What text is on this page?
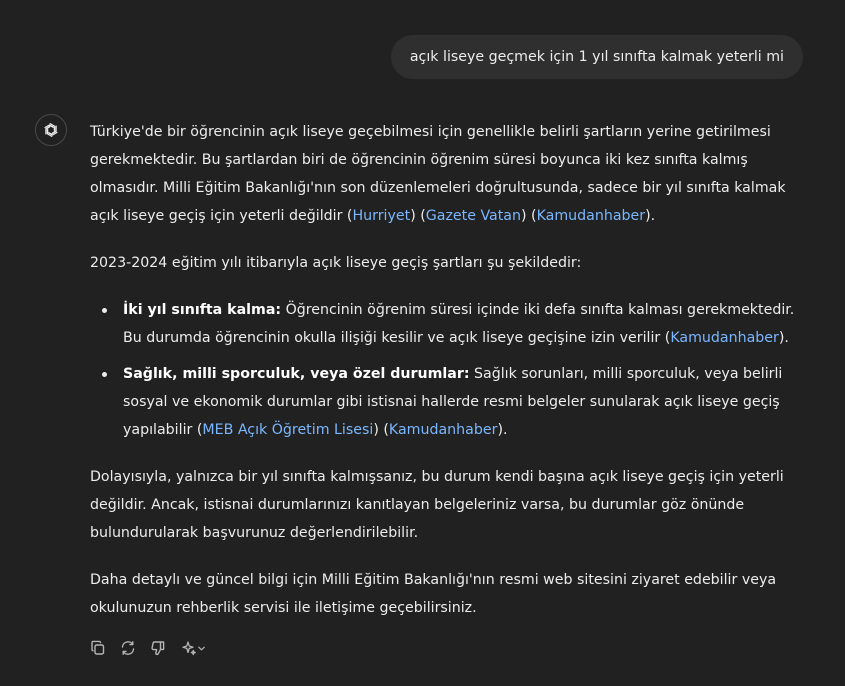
açık liseye geçmek için 1 yıl sınıfta kalmak yeterli mi

Türkiye'de bir öğrencinin açık liseye geçebilmesi için genellikle belirli şartların yerine getirilmesi gerekmektedir. Bu şartlardan biri de öğrencinin öğrenim süresi boyunca iki kez sınıfta kalmış olmasıdır. Milli Eğitim Bakanlığı'nın son düzenlemeleri doğrultusunda, sadece bir yıl sınıfta kalmak açık liseye geçiş için yeterli değildir (Hurriyet) (Gazete Vatan) (Kamudanhaber).

2023-2024 eğitim yılı itibarıyla açık liseye geçiş şartları şu şekildedir:

İki yıl sınıfta kalma: Öğrencinin öğrenim süresi içinde iki defa sınıfta kalması gerekmektedir. Bu durumda öğrencinin okulla ilişiği kesilir ve açık liseye geçişine izin verilir (Kamudanhaber).
Sağlık, milli sporculuk, veya özel durumlar: Sağlık sorunları, milli sporculuk, veya belirli sosyal ve ekonomik durumlar gibi istisnai hallerde resmi belgeler sunularak açık liseye geçiş yapılabilir (MEB Açık Öğretim Lisesi) (Kamudanhaber).

Dolayısıyla, yalnızca bir yıl sınıfta kalmışsanız, bu durum kendi başına açık liseye geçiş için yeterli değildir. Ancak, istisnai durumlarınızı kanıtlayan belgeleriniz varsa, bu durumlar göz önünde bulundurularak başvurunuz değerlendirilebilir.

Daha detaylı ve güncel bilgi için Milli Eğitim Bakanlığı'nın resmi web sitesini ziyaret edebilir veya okulunuzun rehberlik servisi ile iletişime geçebilirsiniz.
